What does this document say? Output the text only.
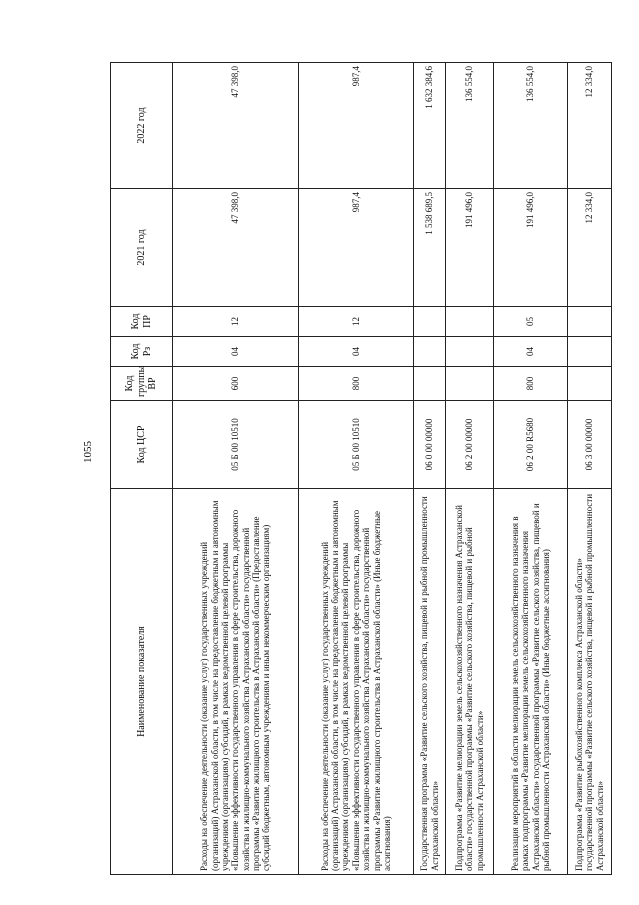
1055
Наименование показателя	Код ЦСР	Код группы ВР	Код Рз	Код ПР	2021 год	2022 год
Расходы на обеспечение деятельности (оказание услуг) государственных учреждений (организаций) Астраханской области, в том числе на предоставление бюджетным и автономным учреждениям (организациям) субсидий, в рамках ведомственной целевой программы «Повышение эффективности государственного управления в сфере строительства, дорожного хозяйства и жилищно-коммунального хозяйства Астраханской области» государственной программы «Развитие жилищного строительства в Астраханской области» (Предоставление субсидий бюджетным, автономным учреждениям и иным некоммерческим организациям)	05 Б 00 10510	600	04	12	47 398,0	47 398,0
Расходы на обеспечение деятельности (оказание услуг) государственных учреждений (организаций) Астраханской области, в том числе на предоставление бюджетным и автономным учреждениям (организациям) субсидий, в рамках ведомственной целевой программы «Повышение эффективности государственного управления в сфере строительства, дорожного хозяйства и жилищно-коммунального хозяйства Астраханской области» государственной программы «Развитие жилищного строительства в Астраханской области» (Иные бюджетные ассигнования)	05 Б 00 10510	800	04	12	987,4	987,4
Государственная программа «Развитие сельского хозяйства, пищевой и рыбной промышленности Астраханской области»	06 0 00 00000				1 538 689,5	1 632 384,6
Подпрограмма «Развитие мелиорации земель сельскохозяйственного назначения Астраханской области» государственной программы «Развитие сельского хозяйства, пищевой и рыбной промышленности Астраханской области»	06 2 00 00000				191 496,0	136 554,0
Реализация мероприятий в области мелиорации земель сельскохозяйственного назначения в рамках подпрограммы «Развитие мелиорации земель сельскохозяйственного назначения Астраханской области» государственной программы «Развитие сельского хозяйства, пищевой и рыбной промышленности Астраханской области» (Иные бюджетные ассигнования)	06 2 00 R5680	800	04	05	191 496,0	136 554,0
Подпрограмма «Развитие рыбохозяйственного комплекса Астраханской области» государственной программы «Развитие сельского хозяйства, пищевой и рыбной промышленности Астраханской области»	06 3 00 00000				12 334,0	12 334,0
